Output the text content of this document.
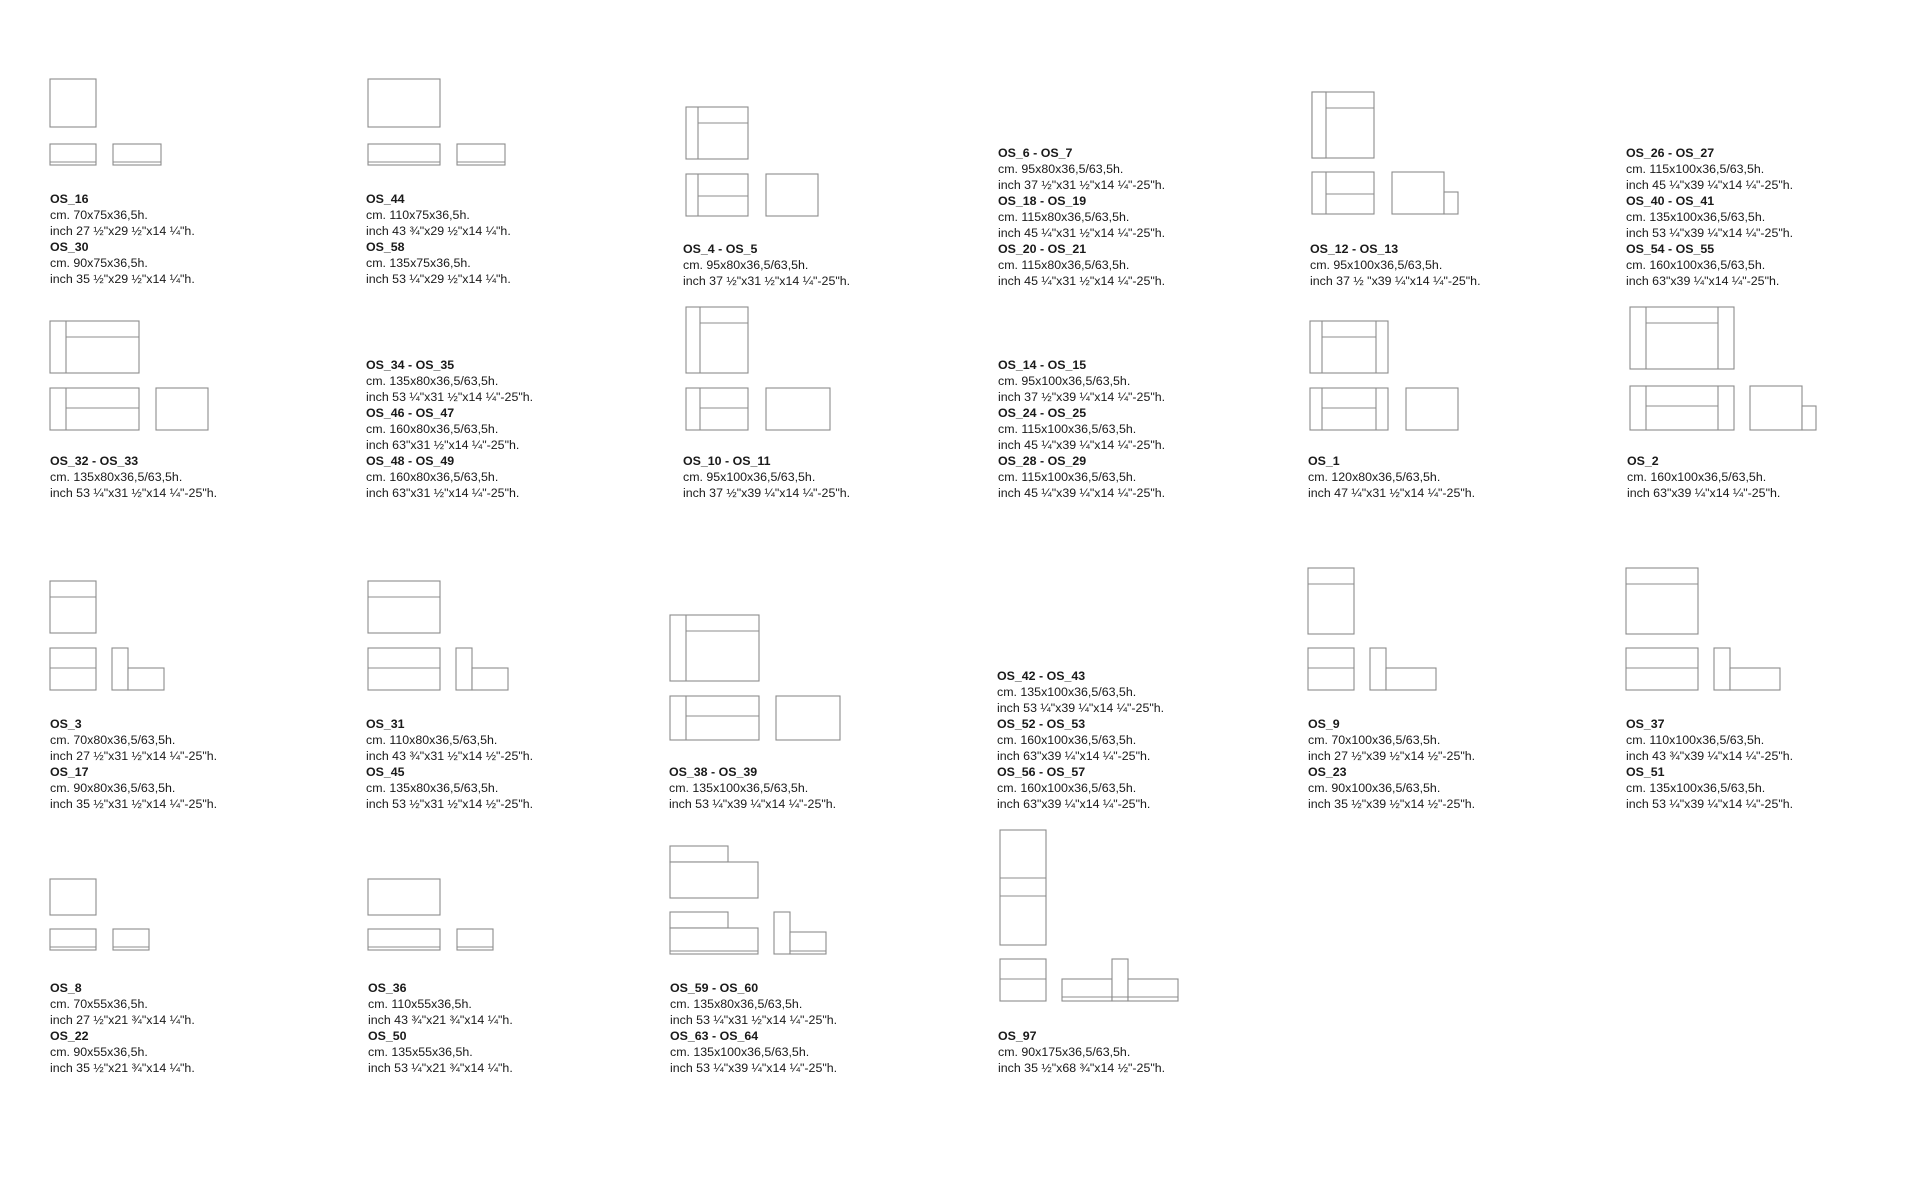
OS_16
cm. 70x75x36,5h.
inch 27 ½"x29 ½"x14 ¼"h.
OS_30
cm. 90x75x36,5h.
inch 35 ½"x29 ½"x14 ¼"h.
OS_44
cm. 110x75x36,5h.
inch 43 ¾"x29 ½"x14 ¼"h.
OS_58
cm. 135x75x36,5h.
inch 53 ¼"x29 ½"x14 ¼"h.
OS_4 - OS_5
cm. 95x80x36,5/63,5h.
inch 37 ½"x31 ½"x14 ¼"-25"h.
OS_6 - OS_7
cm. 95x80x36,5/63,5h.
inch 37 ½"x31 ½"x14 ¼"-25"h.
OS_18 - OS_19
cm. 115x80x36,5/63,5h.
inch 45 ¼"x31 ½"x14 ¼"-25"h.
OS_20 - OS_21
cm. 115x80x36,5/63,5h.
inch 45 ¼"x31 ½"x14 ¼"-25"h.
OS_12 - OS_13
cm. 95x100x36,5/63,5h.
inch 37 ½ "x39 ¼"x14 ¼"-25"h.
OS_26 - OS_27
cm. 115x100x36,5/63,5h.
inch 45 ¼"x39 ¼"x14 ¼"-25"h.
OS_40 - OS_41
cm. 135x100x36,5/63,5h.
inch 53 ¼"x39 ¼"x14 ¼"-25"h.
OS_54 - OS_55
cm. 160x100x36,5/63,5h.
inch 63"x39 ¼"x14 ¼"-25"h.
OS_32 - OS_33
cm. 135x80x36,5/63,5h.
inch 53 ¼"x31 ½"x14 ¼"-25"h.
OS_34 - OS_35
cm. 135x80x36,5/63,5h.
inch 53 ¼"x31 ½"x14 ¼"-25"h.
OS_46 - OS_47
cm. 160x80x36,5/63,5h.
inch 63"x31 ½"x14 ¼"-25"h.
OS_48 - OS_49
cm. 160x80x36,5/63,5h.
inch 63"x31 ½"x14 ¼"-25"h.
OS_10 - OS_11
cm. 95x100x36,5/63,5h.
inch 37 ½"x39 ¼"x14 ¼"-25"h.
OS_14 - OS_15
cm. 95x100x36,5/63,5h.
inch 37 ½"x39 ¼"x14 ¼"-25"h.
OS_24 - OS_25
cm. 115x100x36,5/63,5h.
inch 45 ¼"x39 ¼"x14 ¼"-25"h.
OS_28 - OS_29
cm. 115x100x36,5/63,5h.
inch 45 ¼"x39 ¼"x14 ¼"-25"h.
OS_1
cm. 120x80x36,5/63,5h.
inch 47 ¼"x31 ½"x14 ¼"-25"h.
OS_2
cm. 160x100x36,5/63,5h.
inch 63"x39 ¼"x14 ¼"-25"h.
OS_3
cm. 70x80x36,5/63,5h.
inch 27 ½"x31 ½"x14 ¼"-25"h.
OS_17
cm. 90x80x36,5/63,5h.
inch 35 ½"x31 ½"x14 ¼"-25"h.
OS_31
cm. 110x80x36,5/63,5h.
inch 43 ¾"x31 ½"x14 ½"-25"h.
OS_45
cm. 135x80x36,5/63,5h.
inch 53 ½"x31 ½"x14 ½"-25"h.
OS_38 - OS_39
cm. 135x100x36,5/63,5h.
inch 53 ¼"x39 ¼"x14 ¼"-25"h.
OS_42 - OS_43
cm. 135x100x36,5/63,5h.
inch 53 ¼"x39 ¼"x14 ¼"-25"h.
OS_52 - OS_53
cm. 160x100x36,5/63,5h.
inch 63"x39 ¼"x14 ¼"-25"h.
OS_56 - OS_57
cm. 160x100x36,5/63,5h.
inch 63"x39 ¼"x14 ¼"-25"h.
OS_9
cm. 70x100x36,5/63,5h.
inch 27 ½"x39 ½"x14 ½"-25"h.
OS_23
cm. 90x100x36,5/63,5h.
inch 35 ½"x39 ½"x14 ½"-25"h.
OS_37
cm. 110x100x36,5/63,5h.
inch 43 ¾"x39 ¼"x14 ¼"-25"h.
OS_51
cm. 135x100x36,5/63,5h.
inch 53 ¼"x39 ¼"x14 ¼"-25"h.
OS_8
cm. 70x55x36,5h.
inch 27 ½"x21 ¾"x14 ¼"h.
OS_22
cm. 90x55x36,5h.
inch 35 ½"x21 ¾"x14 ¼"h.
OS_36
cm. 110x55x36,5h.
inch 43 ¾"x21 ¾"x14 ¼"h.
OS_50
cm. 135x55x36,5h.
inch 53 ¼"x21 ¾"x14 ¼"h.
OS_59 - OS_60
cm. 135x80x36,5/63,5h.
inch 53 ¼"x31 ½"x14 ¼"-25"h.
OS_63 - OS_64
cm. 135x100x36,5/63,5h.
inch 53 ¼"x39 ¼"x14 ¼"-25"h.
OS_97
cm. 90x175x36,5/63,5h.
inch 35 ½"x68 ¾"x14 ½"-25"h.
